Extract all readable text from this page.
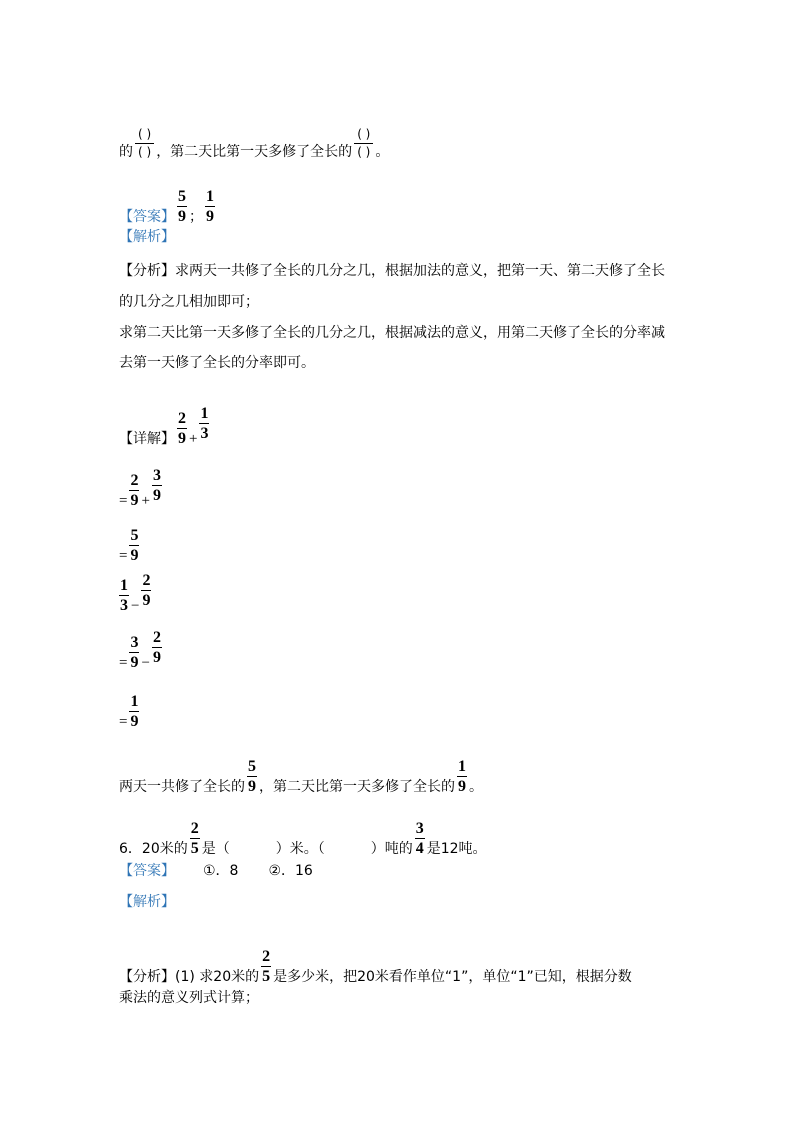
的 $\frac{( )}{( )}$ ，第二天比第一天多修了全长的 $\frac{( )}{( )}$ 。
【答案】 $\frac{5}{9}$ ； $\frac{1}{9}$
【解析】
【分析】求两天一共修了全长的几分之几，根据加法的意义，把第一天、第二天修了全长
的几分之几相加即可；
求第二天比第一天多修了全长的几分之几，根据减法的意义，用第二天修了全长的分率减
去第一天修了全长的分率即可。
【详解】 $\frac{2}{9} + \frac{1}{3}$
= $\frac{2}{9} + \frac{3}{9}$
= $\frac{5}{9}$
$\frac{1}{3} - \frac{2}{9}$
= $\frac{3}{9} - \frac{2}{9}$
= $\frac{1}{9}$
两天一共修了全长的 $\frac{5}{9}$ ，第二天比第一天多修了全长的 $\frac{1}{9}$ 。
6．20米的 $\frac{2}{5}$ 是（	）米。（	）吨的 $\frac{3}{4}$ 是12吨。
【答案】 ①．8 ②．16
【解析】
【分析】(1) 求20米的 $\frac{2}{5}$ 是多少米，把20米看作单位“1”，单位“1”已知，根据分数
乘法的意义列式计算；
